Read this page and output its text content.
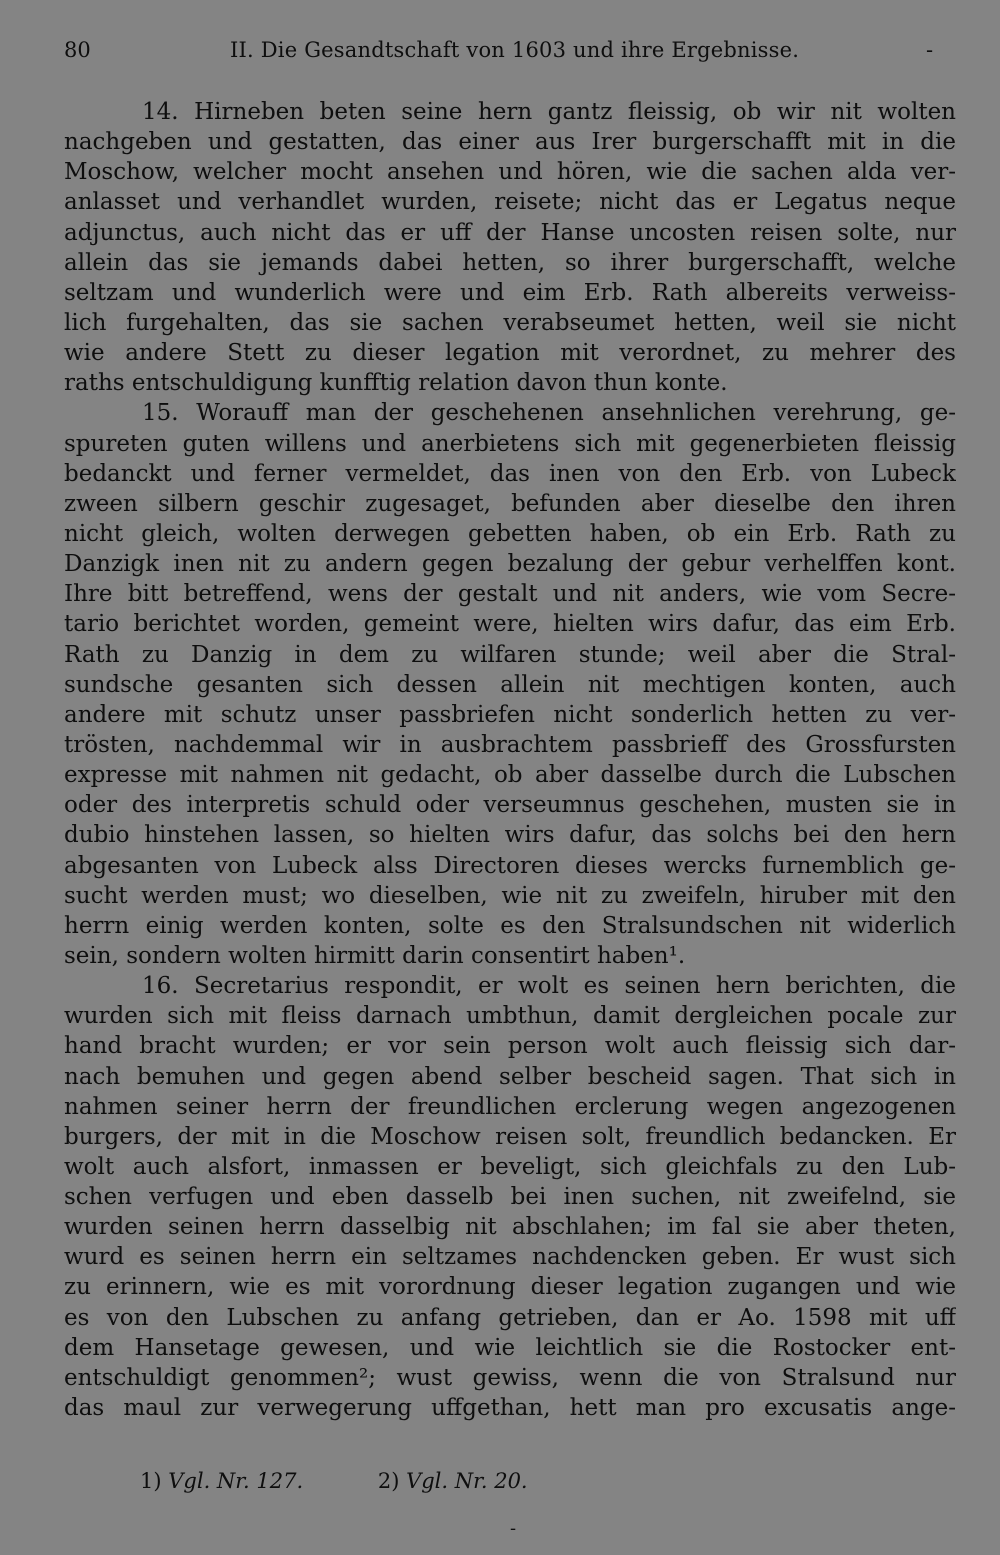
80	II. Die Gesandtschaft von 1603 und ihre Ergebnisse.	-
14. Hirneben beten seine hern gantz fleissig, ob wir nit wolten
nachgeben und gestatten, das einer aus Irer burgerschafft mit in die
Moschow, welcher mocht ansehen und hören, wie die sachen alda ver-
anlasset und verhandlet wurden, reisete; nicht das er Legatus neque
adjunctus, auch nicht das er uff der Hanse uncosten reisen solte, nur
allein das sie jemands dabei hetten, so ihrer burgerschafft, welche
seltzam und wunderlich were und eim Erb. Rath albereits verweiss-
lich furgehalten, das sie sachen verabseumet hetten, weil sie nicht
wie andere Stett zu dieser legation mit verordnet, zu mehrer des
raths entschuldigung kunfftig relation davon thun konte.
15. Worauff man der geschehenen ansehnlichen verehrung, ge-
spureten guten willens und anerbietens sich mit gegenerbieten fleissig
bedanckt und ferner vermeldet, das inen von den Erb. von Lubeck
zween silbern geschir zugesaget, befunden aber dieselbe den ihren
nicht gleich, wolten derwegen gebetten haben, ob ein Erb. Rath zu
Danzigk inen nit zu andern gegen bezalung der gebur verhelffen kont.
Ihre bitt betreffend, wens der gestalt und nit anders, wie vom Secre-
tario berichtet worden, gemeint were, hielten wirs dafur, das eim Erb.
Rath zu Danzig in dem zu wilfaren stunde; weil aber die Stral-
sundsche gesanten sich dessen allein nit mechtigen konten, auch
andere mit schutz unser passbriefen nicht sonderlich hetten zu ver-
trösten, nachdemmal wir in ausbrachtem passbrieff des Grossfursten
expresse mit nahmen nit gedacht, ob aber dasselbe durch die Lubschen
oder des interpretis schuld oder verseumnus geschehen, musten sie in
dubio hinstehen lassen, so hielten wirs dafur, das solchs bei den hern
abgesanten von Lubeck alss Directoren dieses wercks furnemblich ge-
sucht werden must; wo dieselben, wie nit zu zweifeln, hiruber mit den
herrn einig werden konten, solte es den Stralsundschen nit widerlich
sein, sondern wolten hirmitt darin consentirt haben¹.
16. Secretarius respondit, er wolt es seinen hern berichten, die
wurden sich mit fleiss darnach umbthun, damit dergleichen pocale zur
hand bracht wurden; er vor sein person wolt auch fleissig sich dar-
nach bemuhen und gegen abend selber bescheid sagen. That sich in
nahmen seiner herrn der freundlichen erclerung wegen angezogenen
burgers, der mit in die Moschow reisen solt, freundlich bedancken. Er
wolt auch alsfort, inmassen er beveligt, sich gleichfals zu den Lub-
schen verfugen und eben dasselb bei inen suchen, nit zweifelnd, sie
wurden seinen herrn dasselbig nit abschlahen; im fal sie aber theten,
wurd es seinen herrn ein seltzames nachdencken geben. Er wust sich
zu erinnern, wie es mit vorordnung dieser legation zugangen und wie
es von den Lubschen zu anfang getrieben, dan er Ao. 1598 mit uff
dem Hansetage gewesen, und wie leichtlich sie die Rostocker ent-
entschuldigt genommen²; wust gewiss, wenn die von Stralsund nur
das maul zur verwegerung uffgethan, hett man pro excusatis ange-
1) Vgl. Nr. 127.	2) Vgl. Nr. 20.
-
